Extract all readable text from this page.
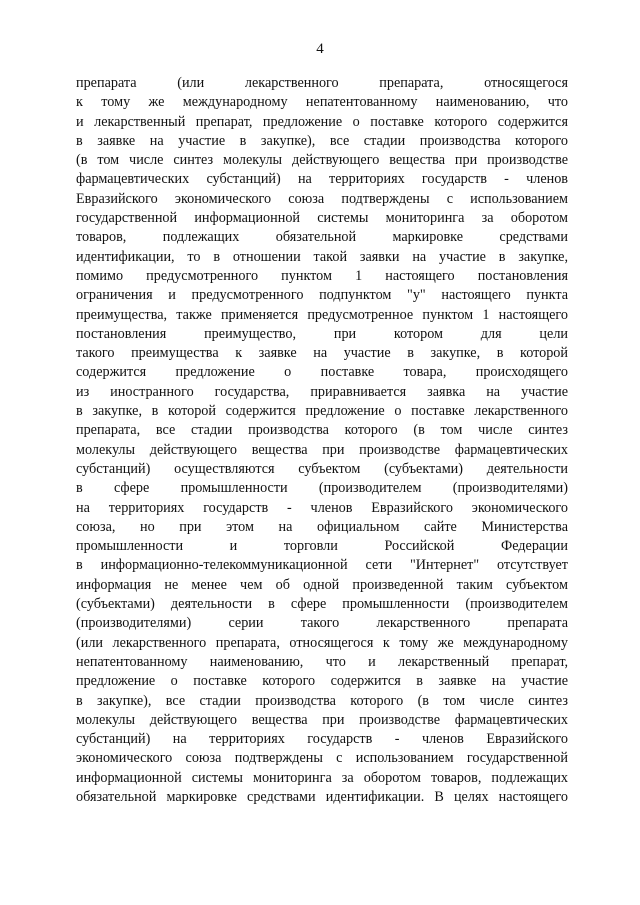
4
препарата (или лекарственного препарата, относящегося
к тому же международному непатентованному наименованию, что
и лекарственный препарат, предложение о поставке которого содержится
в заявке на участие в закупке), все стадии производства которого
(в том числе синтез молекулы действующего вещества при производстве
фармацевтических субстанций) на территориях государств - членов
Евразийского экономического союза подтверждены с использованием
государственной информационной системы мониторинга за оборотом
товаров, подлежащих обязательной маркировке средствами
идентификации, то в отношении такой заявки на участие в закупке,
помимо предусмотренного пунктом 1 настоящего постановления
ограничения и предусмотренного подпунктом "у" настоящего пункта
преимущества, также применяется предусмотренное пунктом 1 настоящего
постановления преимущество, при котором для цели
такого преимущества к заявке на участие в закупке, в которой
содержится предложение о поставке товара, происходящего
из иностранного государства, приравнивается заявка на участие
в закупке, в которой содержится предложение о поставке лекарственного
препарата, все стадии производства которого (в том числе синтез
молекулы действующего вещества при производстве фармацевтических
субстанций) осуществляются субъектом (субъектами) деятельности
в сфере промышленности (производителем (производителями)
на территориях государств - членов Евразийского экономического
союза, но при этом на официальном сайте Министерства
промышленности и торговли Российской Федерации
в информационно-телекоммуникационной сети "Интернет" отсутствует
информация не менее чем об одной произведенной таким субъектом
(субъектами) деятельности в сфере промышленности (производителем
(производителями) серии такого лекарственного препарата
(или лекарственного препарата, относящегося к тому же международному
непатентованному наименованию, что и лекарственный препарат,
предложение о поставке которого содержится в заявке на участие
в закупке), все стадии производства которого (в том числе синтез
молекулы действующего вещества при производстве фармацевтических
субстанций) на территориях государств - членов Евразийского
экономического союза подтверждены с использованием государственной
информационной системы мониторинга за оборотом товаров, подлежащих
обязательной маркировке средствами идентификации. В целях настоящего
